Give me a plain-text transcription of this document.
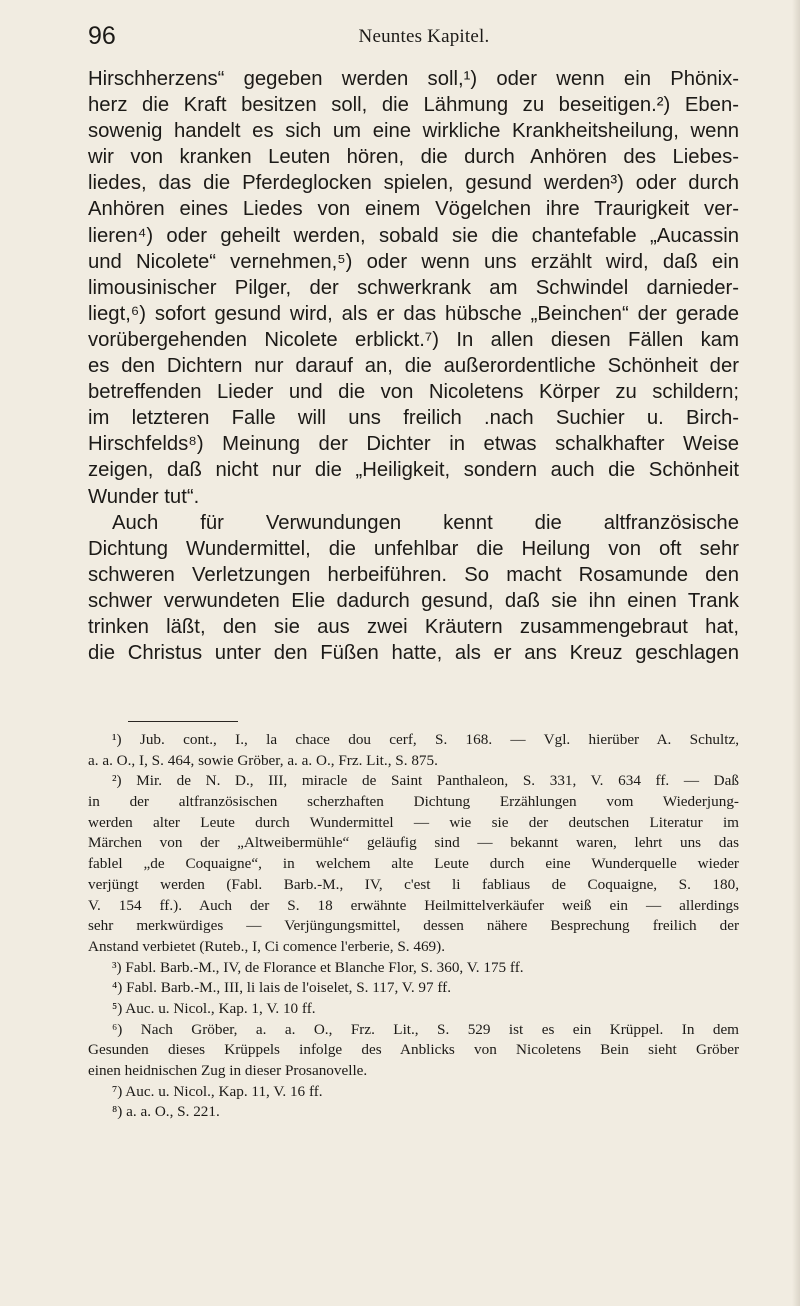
96	Neuntes Kapitel.
Hirschherzens“ gegeben werden soll,¹) oder wenn ein Phönix-
herz die Kraft besitzen soll, die Lähmung zu beseitigen.²) Eben-
sowenig handelt es sich um eine wirkliche Krankheitsheilung, wenn
wir von kranken Leuten hören, die durch Anhören des Liebes-
liedes, das die Pferdeglocken spielen, gesund werden³) oder durch
Anhören eines Liedes von einem Vögelchen ihre Traurigkeit ver-
lieren⁴) oder geheilt werden, sobald sie die chantefable „Aucassin
und Nicolete“ vernehmen,⁵) oder wenn uns erzählt wird, daß ein
limousinischer Pilger, der schwerkrank am Schwindel darnieder-
liegt,⁶) sofort gesund wird, als er das hübsche „Beinchen“ der gerade
vorübergehenden Nicolete erblickt.⁷) In allen diesen Fällen kam
es den Dichtern nur darauf an, die außerordentliche Schönheit der
betreffenden Lieder und die von Nicoletens Körper zu schildern;
im letzteren Falle will uns freilich .nach Suchier u. Birch-
Hirschfelds⁸) Meinung der Dichter in etwas schalkhafter Weise
zeigen, daß nicht nur die „Heiligkeit, sondern auch die Schönheit
Wunder tut“.
Auch für Verwundungen kennt die altfranzösische
Dichtung Wundermittel, die unfehlbar die Heilung von oft sehr
schweren Verletzungen herbeiführen. So macht Rosamunde den
schwer verwundeten Elie dadurch gesund, daß sie ihn einen Trank
trinken läßt, den sie aus zwei Kräutern zusammengebraut hat,
die Christus unter den Füßen hatte, als er ans Kreuz geschlagen
¹) Jub. cont., I., la chace dou cerf, S. 168. — Vgl. hierüber A. Schultz,
a. a. O., I, S. 464, sowie Gröber, a. a. O., Frz. Lit., S. 875.
²) Mir. de N. D., III, miracle de Saint Panthaleon, S. 331, V. 634 ff. — Daß
in der altfranzösischen scherzhaften Dichtung Erzählungen vom Wiederjung-
werden alter Leute durch Wundermittel — wie sie der deutschen Literatur im
Märchen von der „Altweibermühle“ geläufig sind — bekannt waren, lehrt uns das
fablel „de Coquaigne“, in welchem alte Leute durch eine Wunderquelle wieder
verjüngt werden (Fabl. Barb.-M., IV, c'est li fabliaus de Coquaigne, S. 180,
V. 154 ff.). Auch der S. 18 erwähnte Heilmittelverkäufer weiß ein — allerdings
sehr merkwürdiges — Verjüngungsmittel, dessen nähere Besprechung freilich der
Anstand verbietet (Ruteb., I, Ci comence l'erberie, S. 469).
³) Fabl. Barb.-M., IV, de Florance et Blanche Flor, S. 360, V. 175 ff.
⁴) Fabl. Barb.-M., III, li lais de l'oiselet, S. 117, V. 97 ff.
⁵) Auc. u. Nicol., Kap. 1, V. 10 ff.
⁶) Nach Gröber, a. a. O., Frz. Lit., S. 529 ist es ein Krüppel. In dem
Gesunden dieses Krüppels infolge des Anblicks von Nicoletens Bein sieht Gröber
einen heidnischen Zug in dieser Prosanovelle.
⁷) Auc. u. Nicol., Kap. 11, V. 16 ff.
⁸) a. a. O., S. 221.
